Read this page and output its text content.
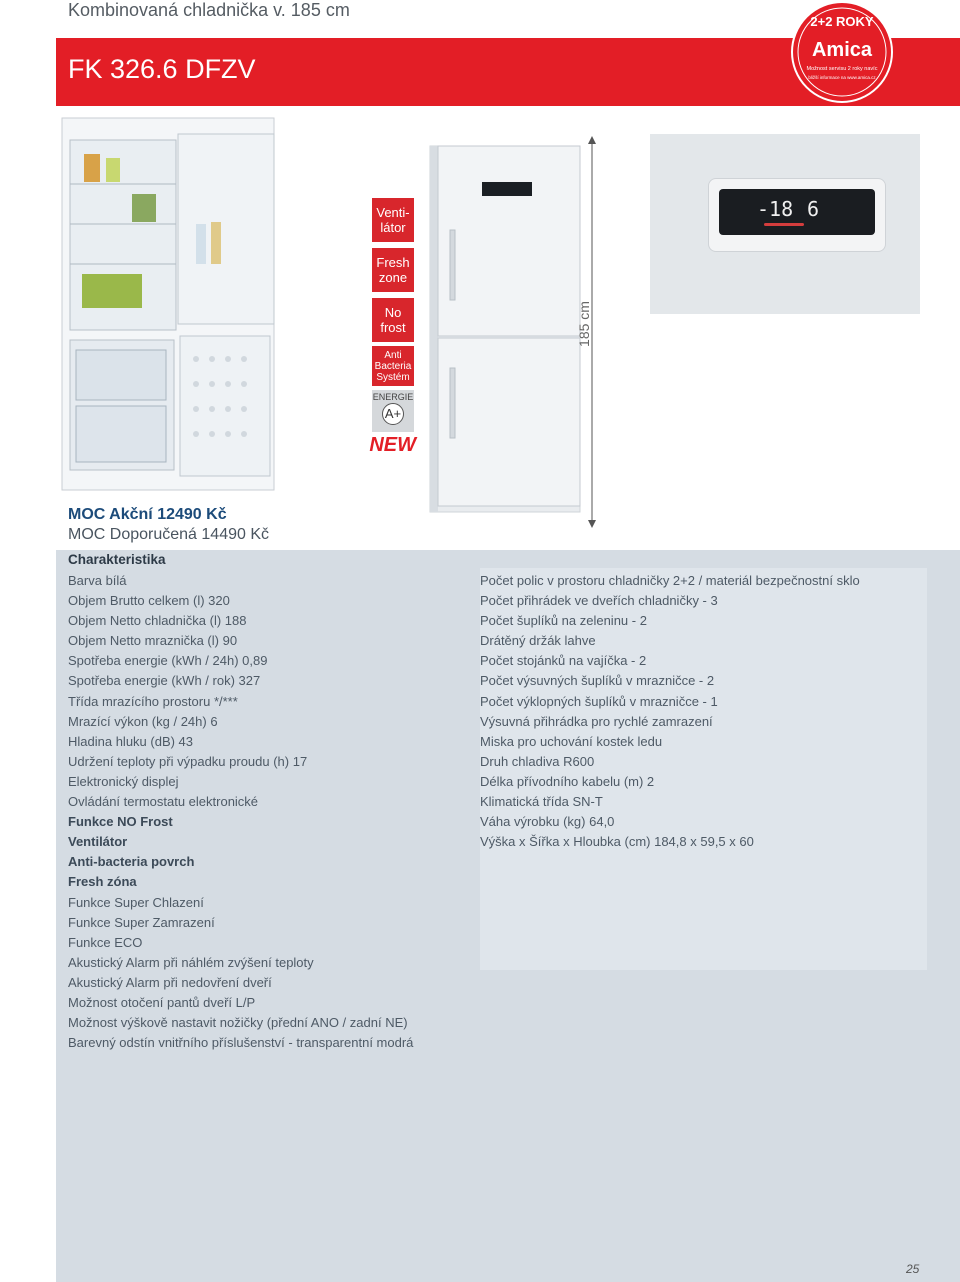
Kombinovaná chladnička v. 185 cm
FK 326.6 DFZV
2+2 ROKY
Amica
Možnost servisu 2 roky navíc
bližší informace na www.amica.cz
Venti-látor
Fresh zone
No frost
Anti Bacteria Systém
ENERGIE
A+
NEW
185 cm
-18 6
MOC Akční 12490 Kč
MOC Doporučená 14490 Kč
Charakteristika
Barva bílá
Objem Brutto celkem (l) 320
Objem Netto chladnička (l) 188
Objem Netto mraznička (l) 90
Spotřeba energie (kWh / 24h) 0,89
Spotřeba energie (kWh / rok) 327
Třída mrazícího prostoru */***
Mrazící výkon (kg / 24h) 6
Hladina hluku (dB) 43
Udržení teploty při výpadku proudu (h) 17
Elektronický displej
Ovládání termostatu elektronické
Funkce NO Frost
Ventilátor
Anti-bacteria povrch
Fresh zóna
Funkce Super Chlazení
Funkce Super Zamrazení
Funkce ECO
Akustický Alarm při náhlém zvýšení teploty
Akustický Alarm při nedovření dveří
Možnost otočení pantů dveří L/P
Možnost výškově nastavit nožičky (přední ANO / zadní NE)
Barevný odstín vnitřního příslušenství - transparentní modrá
Počet polic v prostoru chladničky 2+2 / materiál bezpečnostní sklo
Počet přihrádek ve dveřích chladničky - 3
Počet šuplíků na zeleninu - 2
Drátěný držák lahve
Počet stojánků na vajíčka - 2
Počet výsuvných šuplíků v mrazničce - 2
Počet výklopných šuplíků v mrazničce - 1
Výsuvná přihrádka pro rychlé zamrazení
Miska pro uchování kostek ledu
Druh chladiva R600
Délka přívodního kabelu (m) 2
Klimatická třída SN-T
Váha výrobku (kg) 64,0
Výška x Šířka x Hloubka (cm) 184,8 x 59,5 x 60
25
